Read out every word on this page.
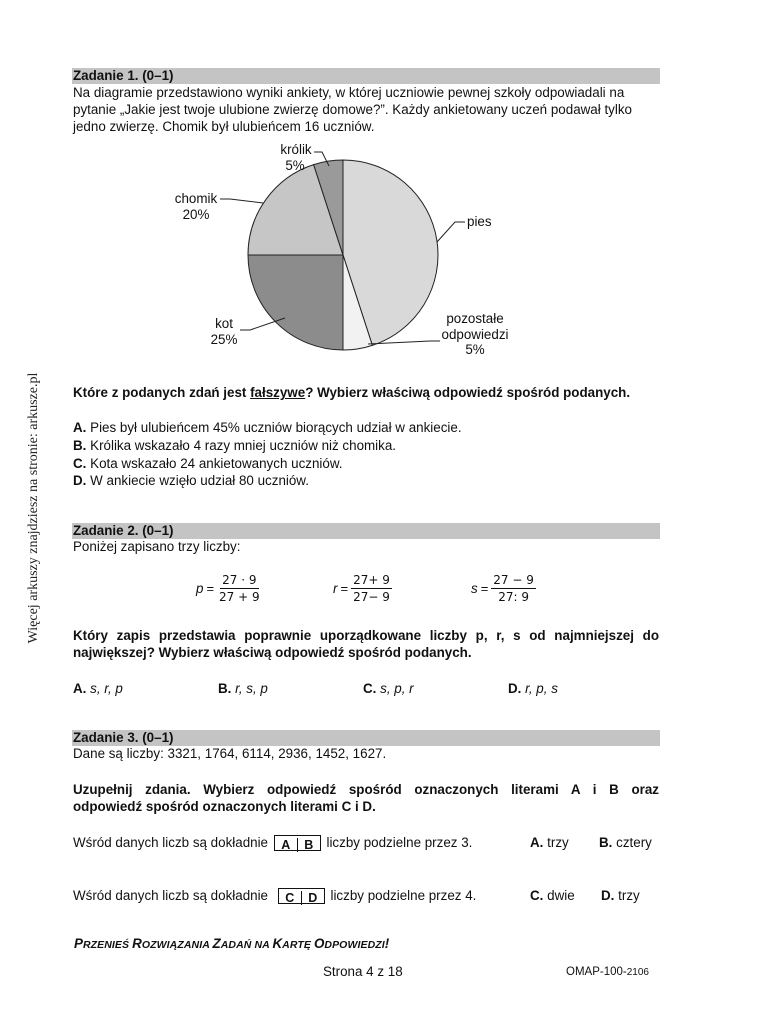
Więcej arkuszy znajdziesz na stronie: arkusze.pl
Zadanie 1. (0–1)
Na diagramie przedstawiono wyniki ankiety, w której uczniowie pewnej szkoły odpowiadali na
pytanie „Jakie jest twoje ulubione zwierzę domowe?”. Każdy ankietowany uczeń podawał tylko
jedno zwierzę. Chomik był ulubieńcem 16 uczniów.
królik
5%
chomik
20%	pies
kot
25%
pozostałe
odpowiedzi
5%
Które z podanych zdań jest fałszywe? Wybierz właściwą odpowiedź spośród podanych.
A. Pies był ulubieńcem 45% uczniów biorących udział w ankiecie.
B. Królika wskazało 4 razy mniej uczniów niż chomika.
C. Kota wskazało 24 ankietowanych uczniów.
D. W ankiecie wzięło udział 80 uczniów.
Zadanie 2. (0–1)
Poniżej zapisano trzy liczby:
$p = \frac{27 \cdot 9}{27 + 9}$	$r = \frac{27+ 9}{27- 9}$	$s = \frac{27 - 9}{27: 9}$
Który zapis przedstawia poprawnie uporządkowane liczby p, r, s od najmniejszej do
największej? Wybierz właściwą odpowiedź spośród podanych.
A. s, r, p	B. r, s, p	C. s, p, r	D. r, p, s
Zadanie 3. (0–1)
Dane są liczby: 3321, 1764, 6114, 2936, 1452, 1627.
Uzupełnij zdania. Wybierz odpowiedź spośród oznaczonych literami A i B oraz
odpowiedź spośród oznaczonych literami C i D.
Wśród danych liczb są dokładnie A B liczby podzielne przez 3.	A. trzy B. cztery
Wśród danych liczb są dokładnie C D liczby podzielne przez 4.	C. dwie D. trzy
PRZENIEŚ ROZWIĄZANIA ZADAŃ NA KARTĘ ODPOWIEDZI!
Strona 4 z 18	OMAP-100-2106
